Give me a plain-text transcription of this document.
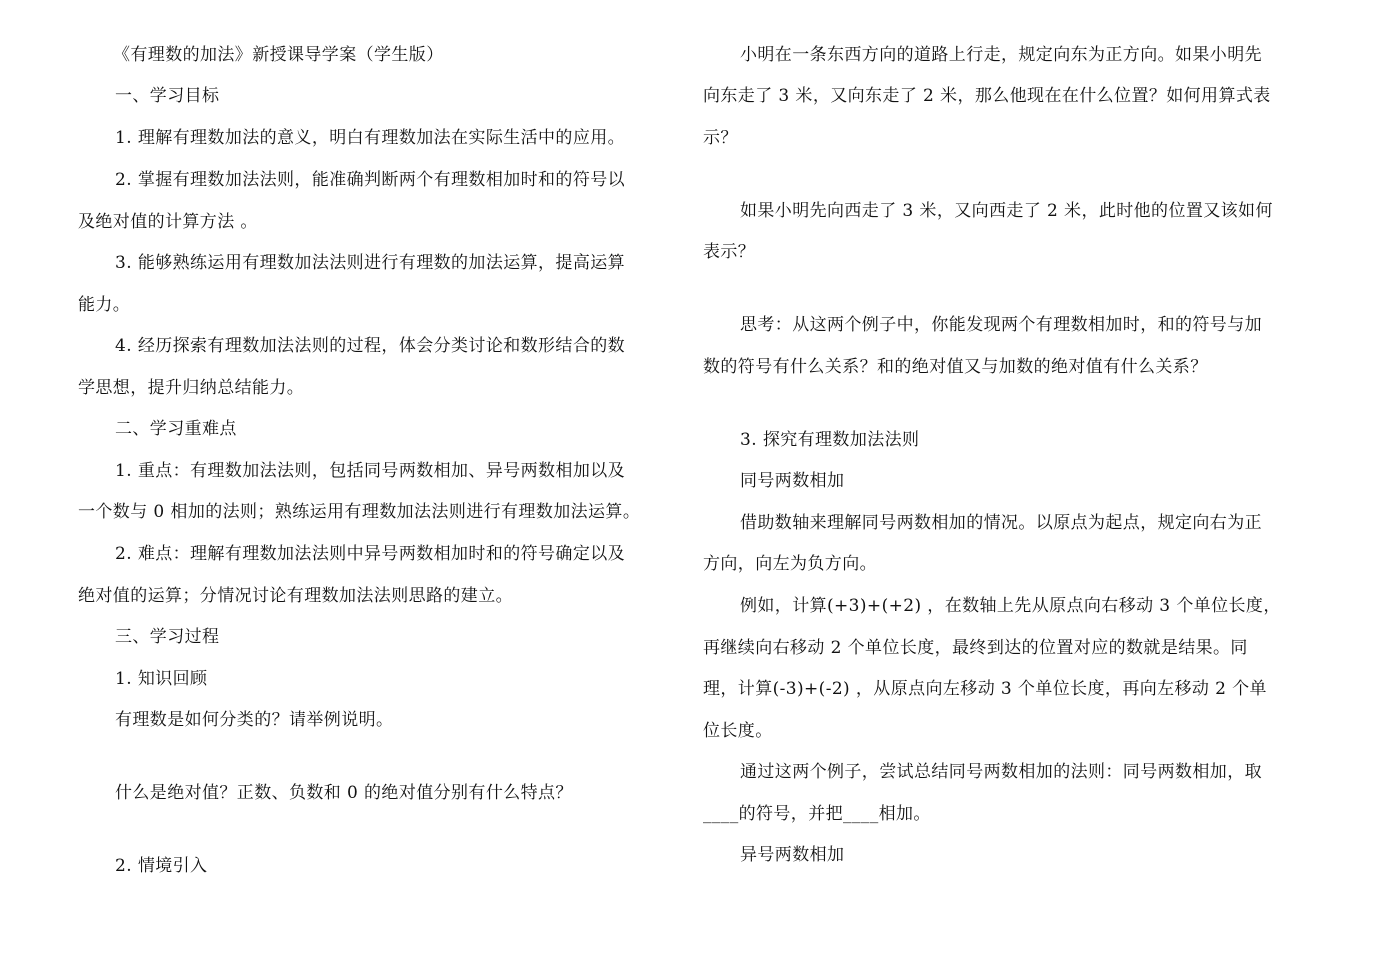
《有理数的加法》新授课导学案（学生版）
一、学习目标
1. 理解有理数加法的意义，明白有理数加法在实际生活中的应用。
2. 掌握有理数加法法则，能准确判断两个有理数相加时和的符号以
及绝对值的计算方法 。
3. 能够熟练运用有理数加法法则进行有理数的加法运算，提高运算
能力。
4. 经历探索有理数加法法则的过程，体会分类讨论和数形结合的数
学思想，提升归纳总结能力。
二、学习重难点
1. 重点：有理数加法法则，包括同号两数相加、异号两数相加以及
一个数与 0 相加的法则；熟练运用有理数加法法则进行有理数加法运算。
2. 难点：理解有理数加法法则中异号两数相加时和的符号确定以及
绝对值的运算；分情况讨论有理数加法法则思路的建立。
三、学习过程
1. 知识回顾
有理数是如何分类的？请举例说明。
什么是绝对值？正数、负数和 0 的绝对值分别有什么特点？
2. 情境引入
小明在一条东西方向的道路上行走，规定向东为正方向。如果小明先
向东走了 3 米，又向东走了 2 米，那么他现在在什么位置？如何用算式表
示？
如果小明先向西走了 3 米，又向西走了 2 米，此时他的位置又该如何
表示？
思考：从这两个例子中，你能发现两个有理数相加时，和的符号与加
数的符号有什么关系？和的绝对值又与加数的绝对值有什么关系？
3. 探究有理数加法法则
同号两数相加
借助数轴来理解同号两数相加的情况。以原点为起点，规定向右为正
方向，向左为负方向。
例如，计算(+3)+(+2) ，在数轴上先从原点向右移动 3 个单位长度，
再继续向右移动 2 个单位长度，最终到达的位置对应的数就是结果。同
理，计算(-3)+(-2) ，从原点向左移动 3 个单位长度，再向左移动 2 个单
位长度。
通过这两个例子，尝试总结同号两数相加的法则：同号两数相加，取
____的符号，并把____相加。
异号两数相加
